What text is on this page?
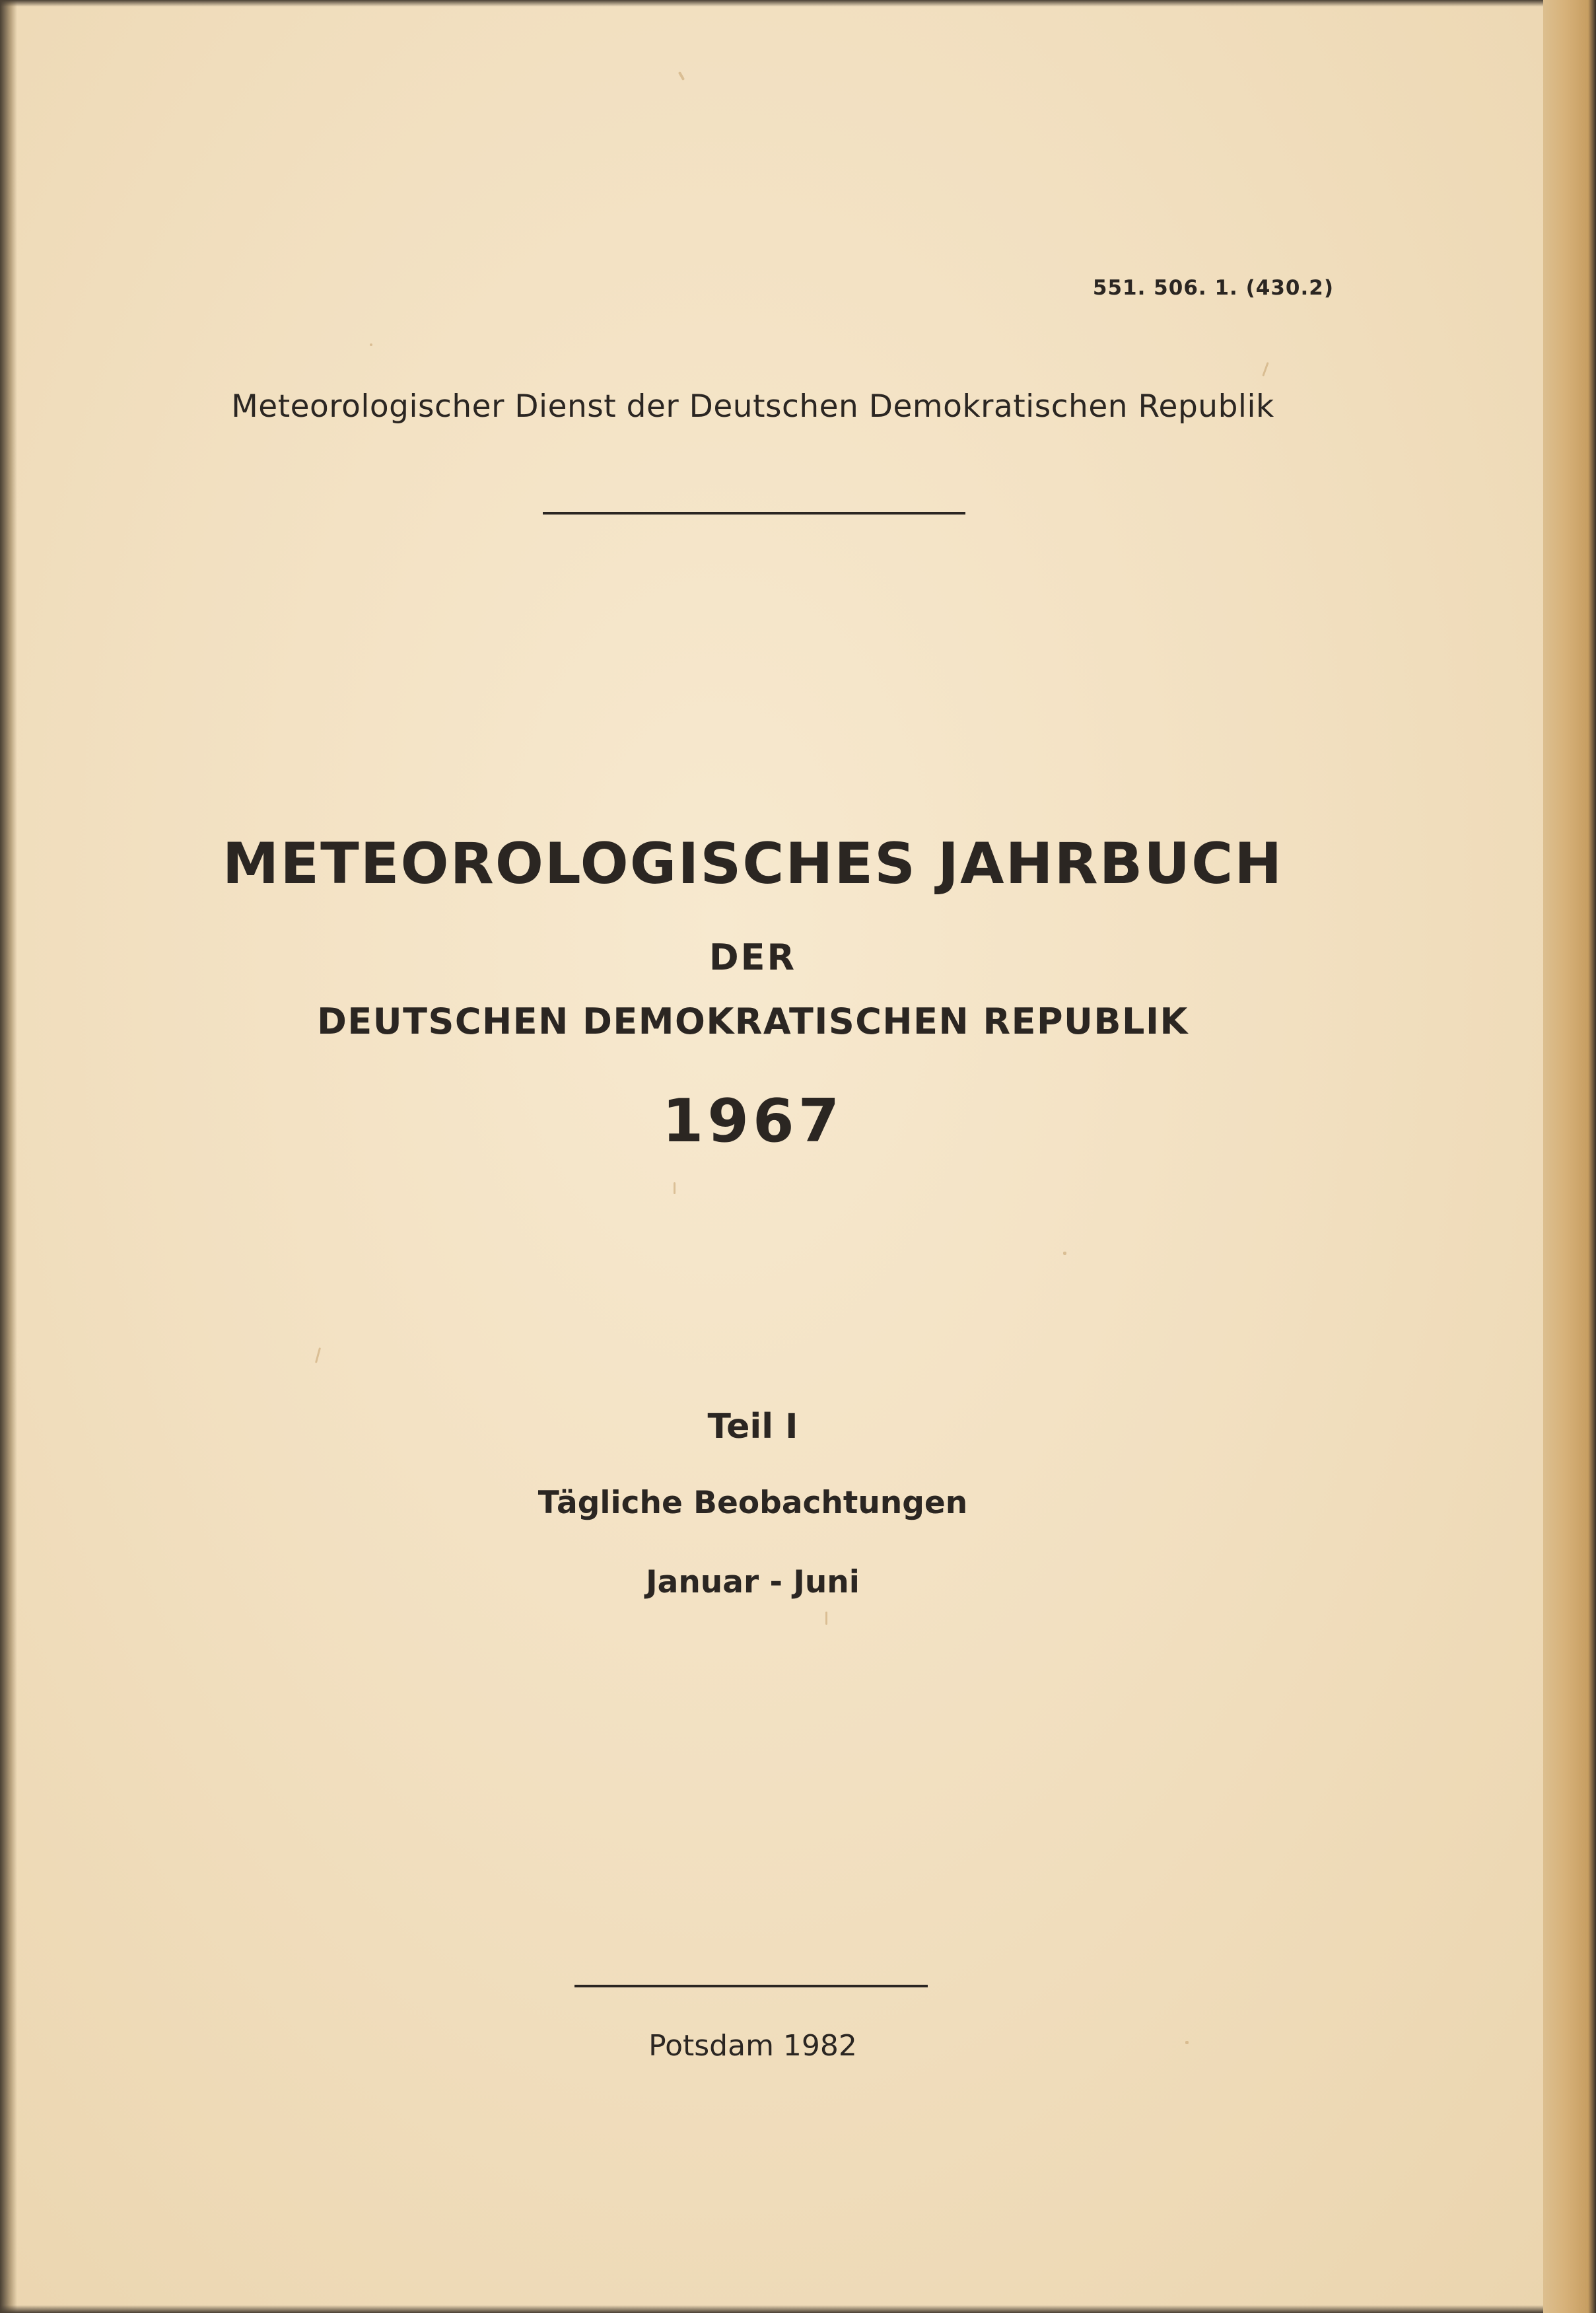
551. 506. 1. (430.2)
Meteorologischer Dienst der Deutschen Demokratischen Republik
METEOROLOGISCHES JAHRBUCH
DER
DEUTSCHEN DEMOKRATISCHEN REPUBLIK
1967
Teil I
Tägliche Beobachtungen
Januar - Juni
Potsdam 1982
